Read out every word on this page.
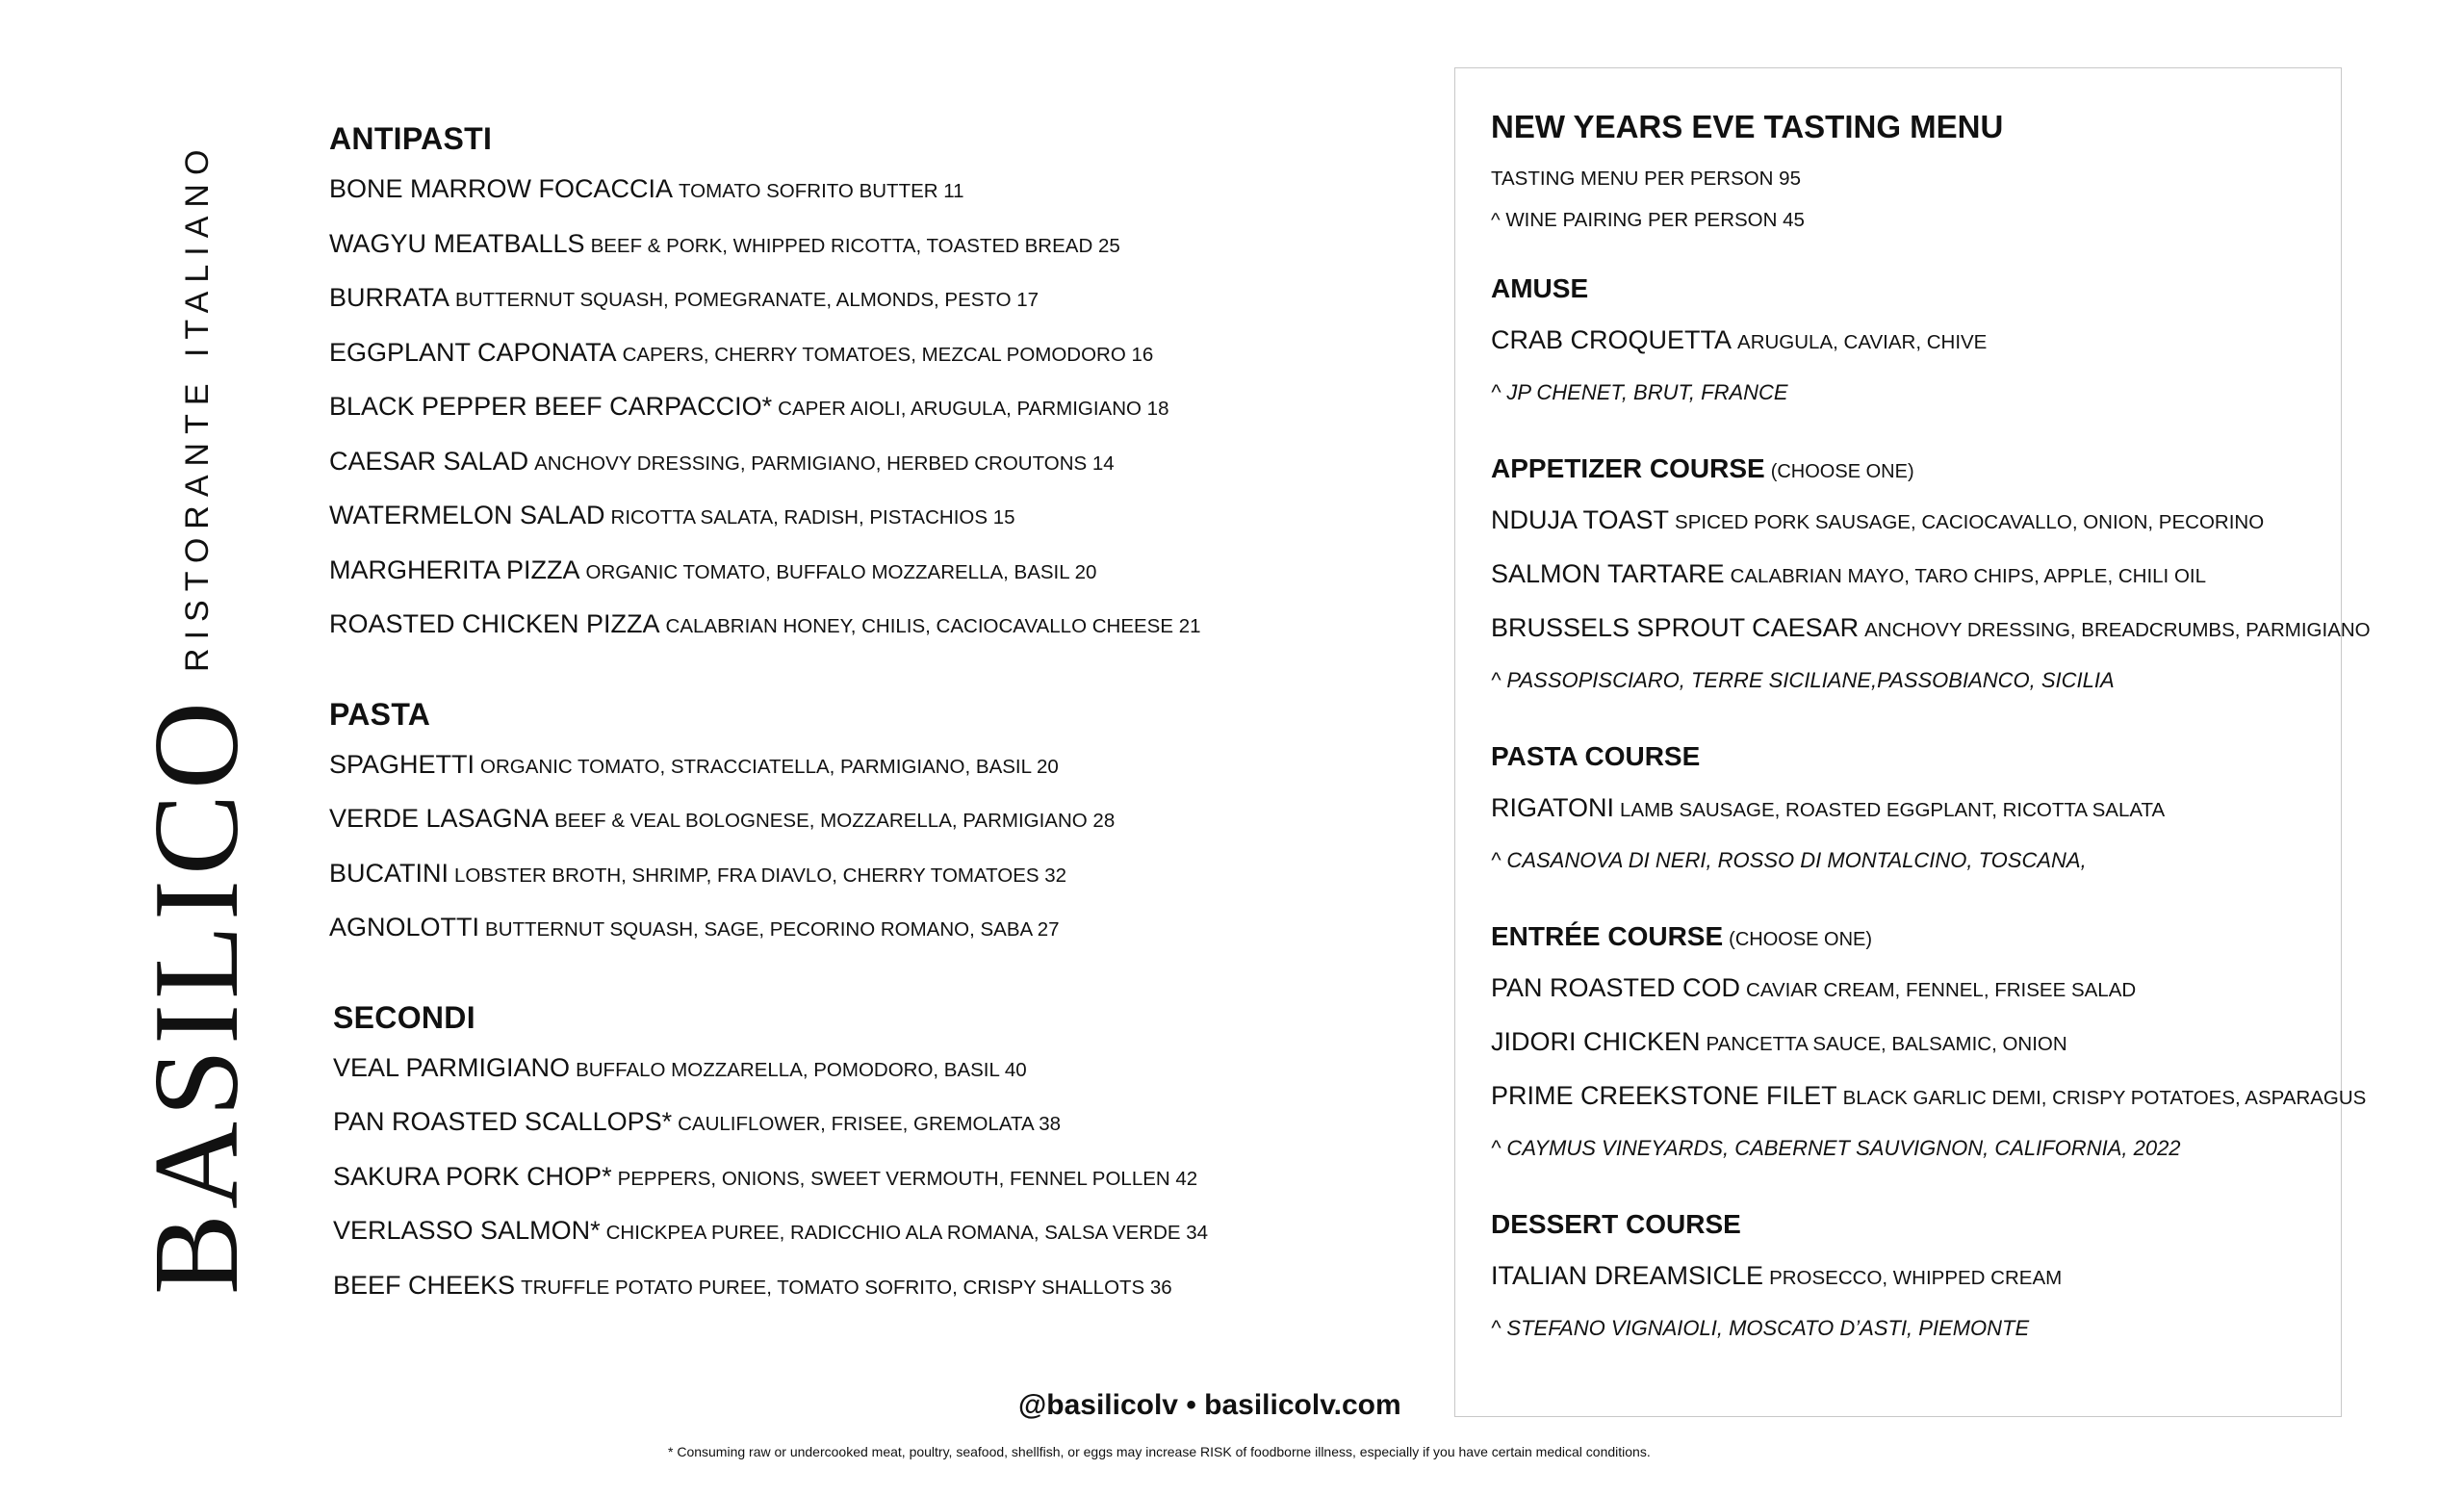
BASILICO
RISTORANTE ITALIANO
ANTIPASTI
BONE MARROW FOCACCIA TOMATO SOFRITO BUTTER 11
WAGYU MEATBALLS BEEF & PORK, WHIPPED RICOTTA, TOASTED BREAD 25
BURRATA BUTTERNUT SQUASH, POMEGRANATE, ALMONDS, PESTO 17
EGGPLANT CAPONATA CAPERS, CHERRY TOMATOES, MEZCAL POMODORO 16
BLACK PEPPER BEEF CARPACCIO* CAPER AIOLI, ARUGULA, PARMIGIANO 18
CAESAR SALAD ANCHOVY DRESSING, PARMIGIANO, HERBED CROUTONS 14
WATERMELON SALAD RICOTTA SALATA, RADISH, PISTACHIOS 15
MARGHERITA PIZZA ORGANIC TOMATO, BUFFALO MOZZARELLA, BASIL 20
ROASTED CHICKEN PIZZA CALABRIAN HONEY, CHILIS, CACIOCAVALLO CHEESE 21
PASTA
SPAGHETTI ORGANIC TOMATO, STRACCIATELLA, PARMIGIANO, BASIL 20
VERDE LASAGNA BEEF & VEAL BOLOGNESE, MOZZARELLA, PARMIGIANO 28
BUCATINI LOBSTER BROTH, SHRIMP, FRA DIAVLO, CHERRY TOMATOES 32
AGNOLOTTI BUTTERNUT SQUASH, SAGE, PECORINO ROMANO, SABA 27
SECONDI
VEAL PARMIGIANO BUFFALO MOZZARELLA, POMODORO, BASIL 40
PAN ROASTED SCALLOPS* CAULIFLOWER, FRISEE, GREMOLATA 38
SAKURA PORK CHOP* PEPPERS, ONIONS, SWEET VERMOUTH, FENNEL POLLEN 42
VERLASSO SALMON* CHICKPEA PUREE, RADICCHIO ALA ROMANA, SALSA VERDE 34
BEEF CHEEKS TRUFFLE POTATO PUREE, TOMATO SOFRITO, CRISPY SHALLOTS 36
@basilicolv • basilicolv.com
* Consuming raw or undercooked meat, poultry, seafood, shellfish, or eggs may increase RISK of foodborne illness, especially if you have certain medical conditions.
NEW YEARS EVE TASTING MENU
TASTING MENU PER PERSON 95
^ WINE PAIRING PER PERSON 45
AMUSE
CRAB CROQUETTA ARUGULA, CAVIAR, CHIVE
^ JP CHENET, BRUT, FRANCE
APPETIZER COURSE (CHOOSE ONE)
NDUJA TOAST SPICED PORK SAUSAGE, CACIOCAVALLO, ONION, PECORINO
SALMON TARTARE CALABRIAN MAYO, TARO CHIPS, APPLE, CHILI OIL
BRUSSELS SPROUT CAESAR ANCHOVY DRESSING, BREADCRUMBS, PARMIGIANO
^ PASSOPISCIARO, TERRE SICILIANE,PASSOBIANCO, SICILIA
PASTA COURSE
RIGATONI LAMB SAUSAGE, ROASTED EGGPLANT, RICOTTA SALATA
^ CASANOVA DI NERI, ROSSO DI MONTALCINO, TOSCANA,
ENTRÉE COURSE (CHOOSE ONE)
PAN ROASTED COD CAVIAR CREAM, FENNEL, FRISEE SALAD
JIDORI CHICKEN PANCETTA SAUCE, BALSAMIC, ONION
PRIME CREEKSTONE FILET BLACK GARLIC DEMI, CRISPY POTATOES, ASPARAGUS
^ CAYMUS VINEYARDS, CABERNET SAUVIGNON, CALIFORNIA, 2022
DESSERT COURSE
ITALIAN DREAMSICLE PROSECCO, WHIPPED CREAM
^ STEFANO VIGNAIOLI, MOSCATO D’ASTI, PIEMONTE
